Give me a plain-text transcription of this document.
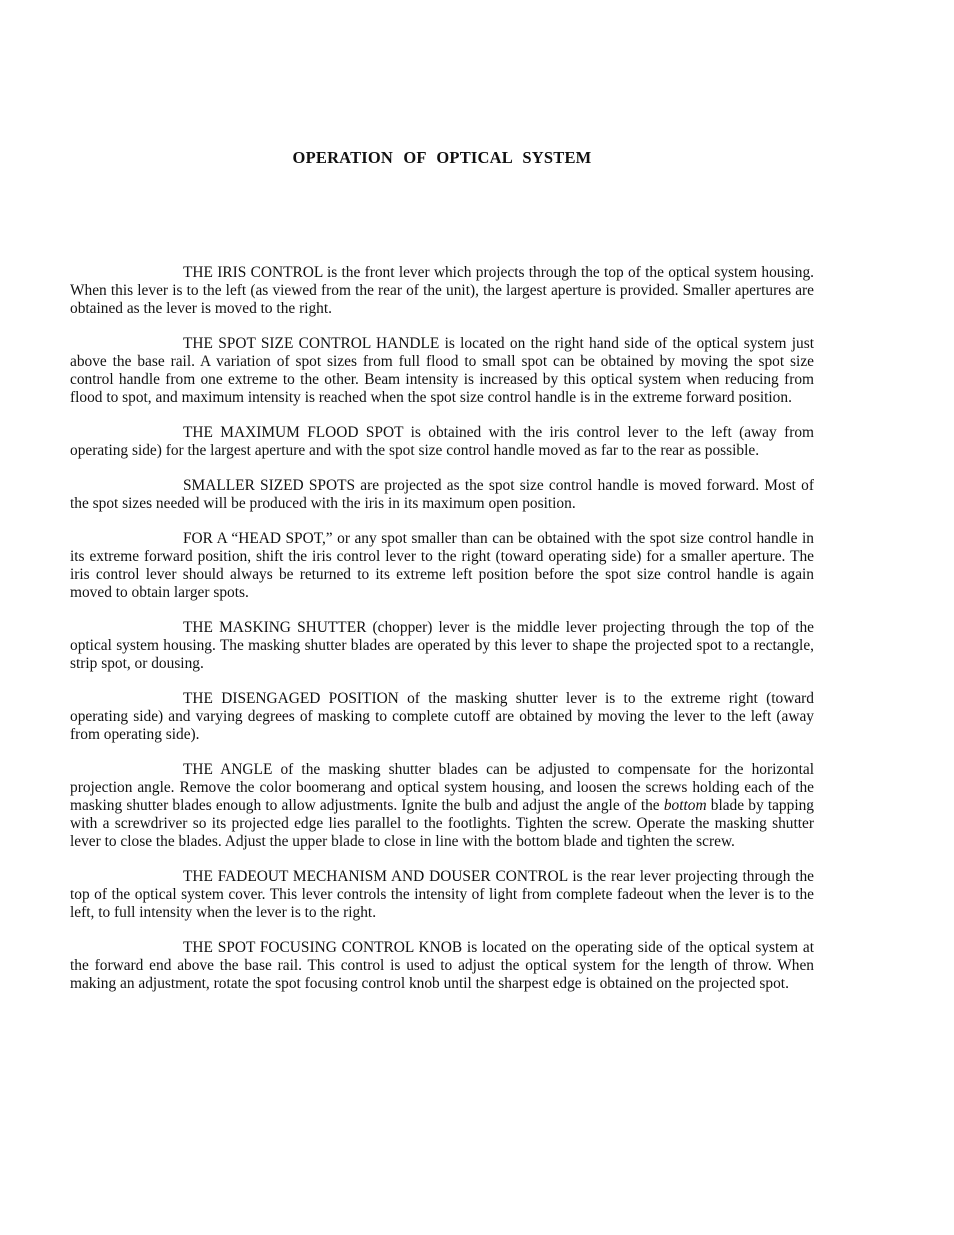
OPERATION OF OPTICAL SYSTEM

THE IRIS CONTROL is the front lever which projects through the top of the optical system housing. When this lever is to the left (as viewed from the rear of the unit), the largest aperture is provided. Smaller apertures are obtained as the lever is moved to the right.

THE SPOT SIZE CONTROL HANDLE is located on the right hand side of the optical system just above the base rail. A variation of spot sizes from full flood to small spot can be obtained by moving the spot size control handle from one extreme to the other. Beam intensity is increased by this optical system when reducing from flood to spot, and maximum intensity is reached when the spot size control handle is in the extreme forward position.

THE MAXIMUM FLOOD SPOT is obtained with the iris control lever to the left (away from operating side) for the largest aperture and with the spot size control handle moved as far to the rear as possible.

SMALLER SIZED SPOTS are projected as the spot size control handle is moved forward. Most of the spot sizes needed will be produced with the iris in its maximum open position.

FOR A “HEAD SPOT,” or any spot smaller than can be obtained with the spot size control handle in its extreme forward position, shift the iris control lever to the right (toward operating side) for a smaller aperture. The iris control lever should always be returned to its extreme left position before the spot size control handle is again moved to obtain larger spots.

THE MASKING SHUTTER (chopper) lever is the middle lever projecting through the top of the optical system housing. The masking shutter blades are operated by this lever to shape the projected spot to a rectangle, strip spot, or dousing.

THE DISENGAGED POSITION of the masking shutter lever is to the extreme right (toward operating side) and varying degrees of masking to complete cutoff are obtained by moving the lever to the left (away from operating side).

THE ANGLE of the masking shutter blades can be adjusted to compensate for the horizontal projection angle. Remove the color boomerang and optical system housing, and loosen the screws holding each of the masking shutter blades enough to allow adjustments. Ignite the bulb and adjust the angle of the bottom blade by tapping with a screwdriver so its projected edge lies parallel to the footlights. Tighten the screw. Operate the masking shutter lever to close the blades. Adjust the upper blade to close in line with the bottom blade and tighten the screw.

THE FADEOUT MECHANISM AND DOUSER CONTROL is the rear lever projecting through the top of the optical system cover. This lever controls the intensity of light from complete fadeout when the lever is to the left, to full intensity when the lever is to the right.

THE SPOT FOCUSING CONTROL KNOB is located on the operating side of the optical system at the forward end above the base rail. This control is used to adjust the optical system for the length of throw. When making an adjustment, rotate the spot focusing control knob until the sharpest edge is obtained on the projected spot.
